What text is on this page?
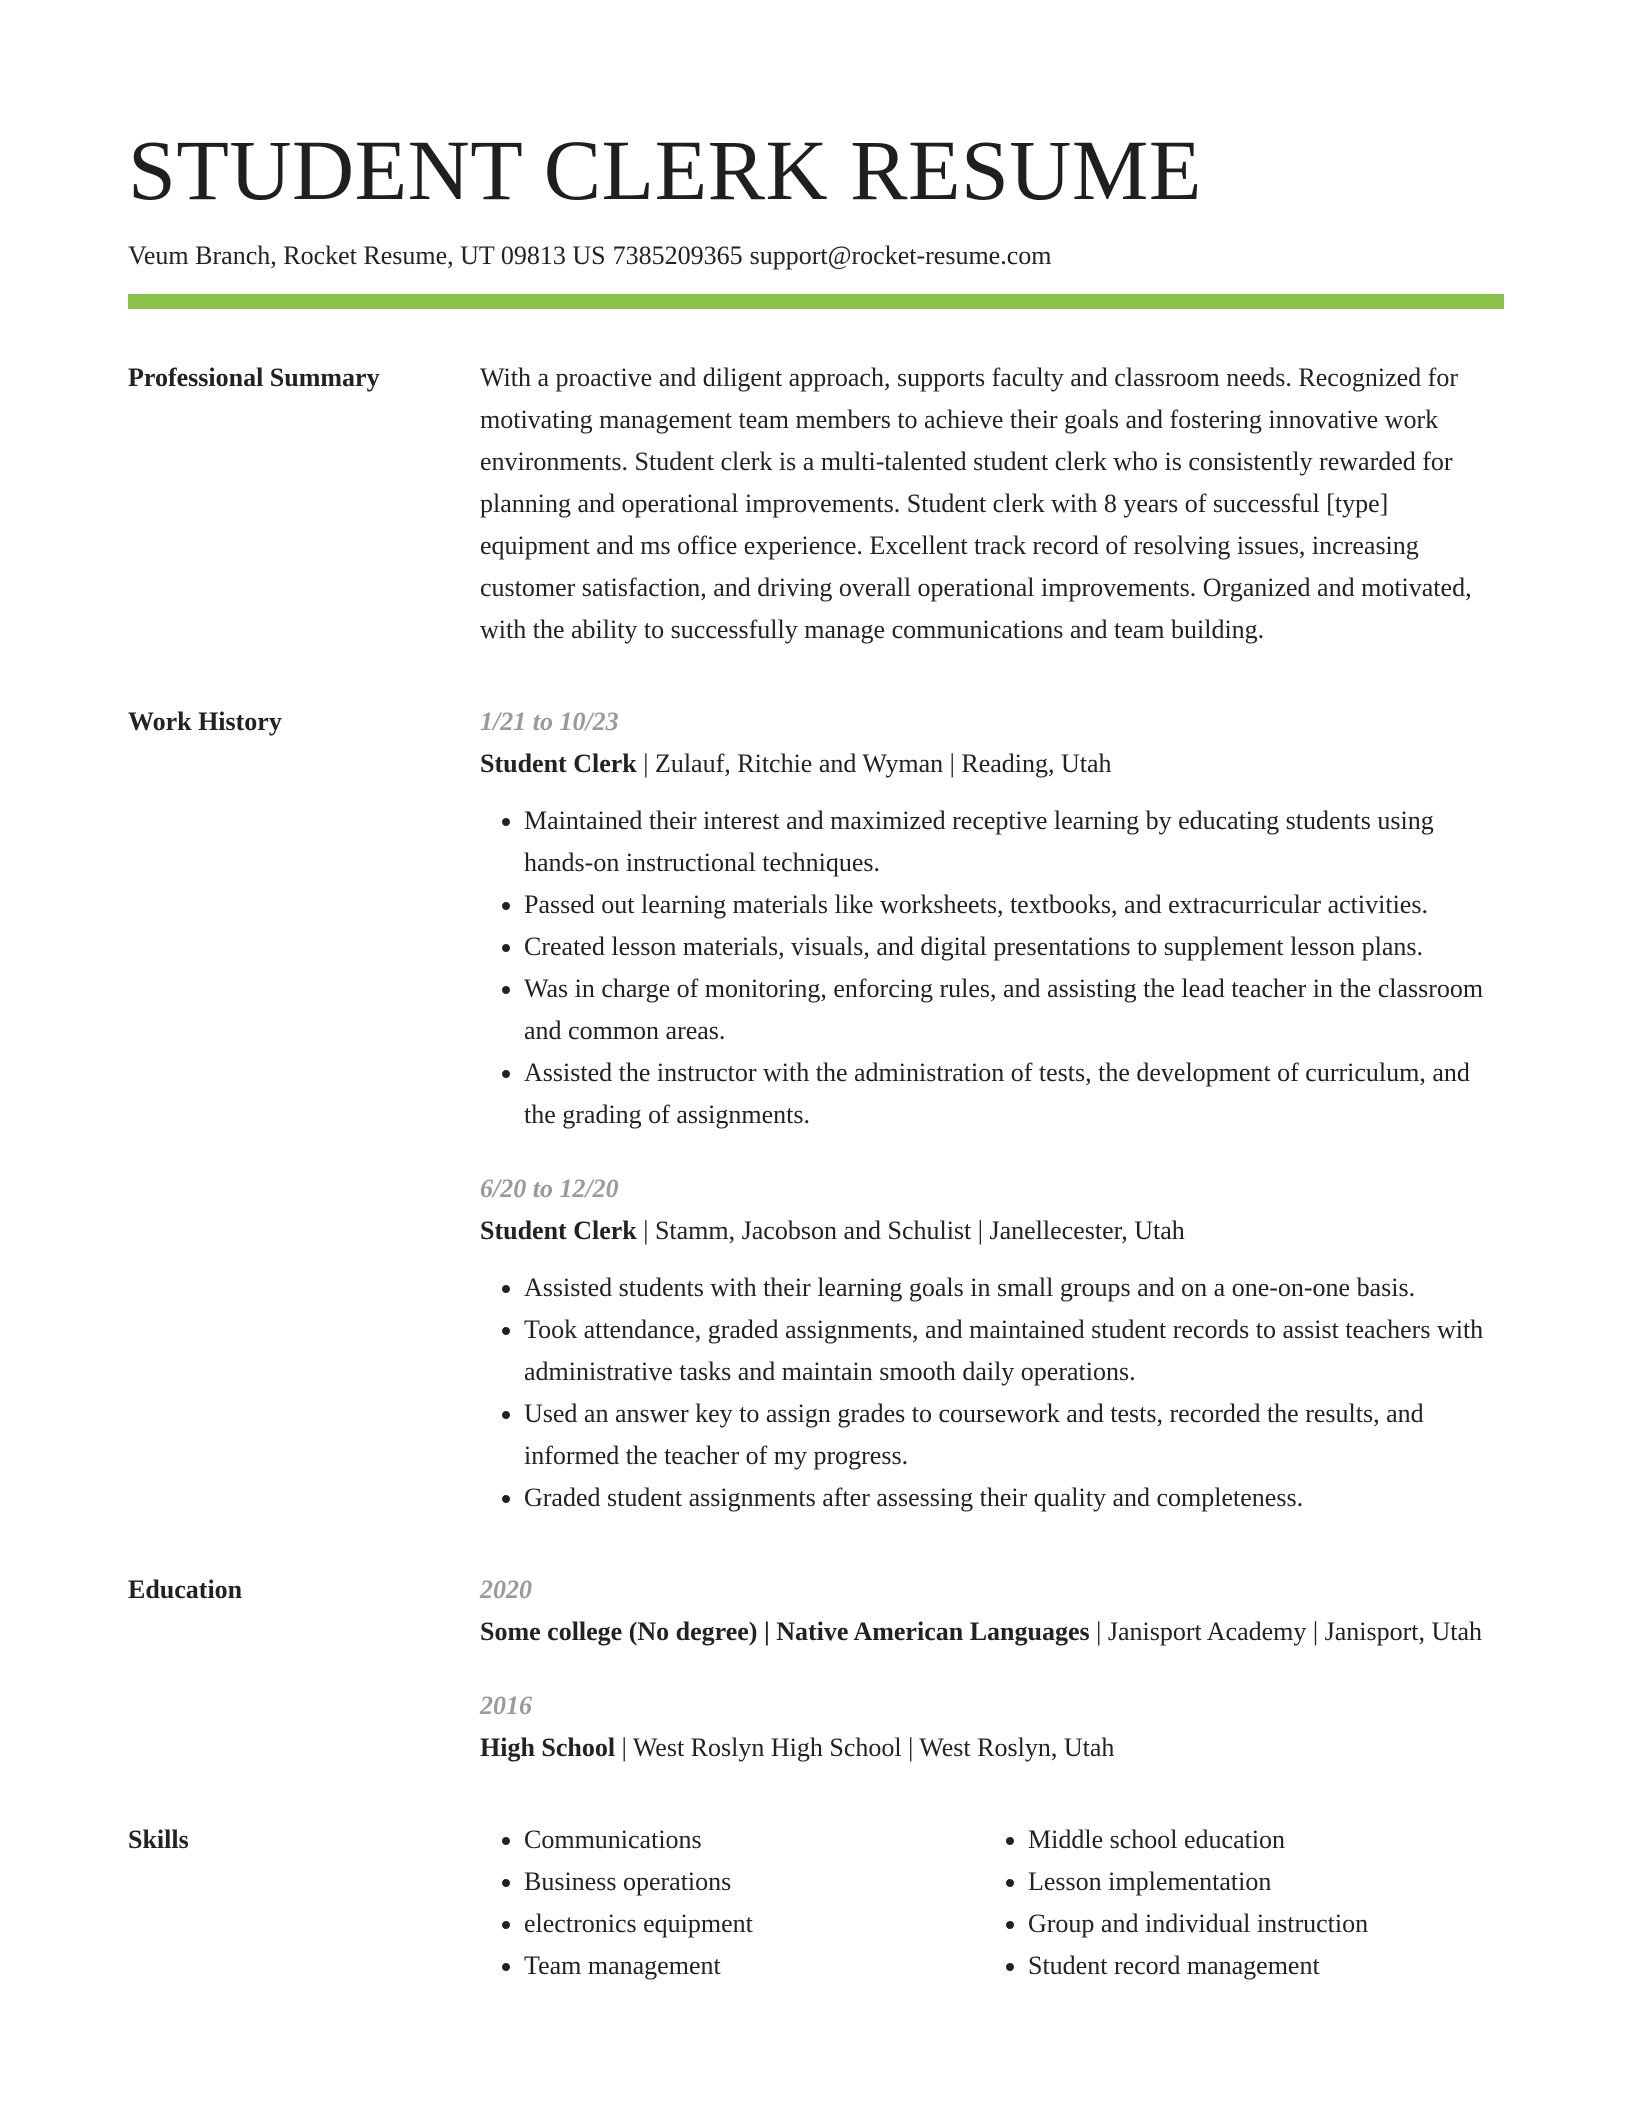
STUDENT CLERK RESUME
Veum Branch, Rocket Resume, UT 09813 US 7385209365 support@rocket-resume.com
Professional Summary	With a proactive and diligent approach, supports faculty and classroom needs. Recognized for motivating management team members to achieve their goals and fostering innovative work environments. Student clerk is a multi-talented student clerk who is consistently rewarded for planning and operational improvements. Student clerk with 8 years of successful [type] equipment and ms office experience. Excellent track record of resolving issues, increasing customer satisfaction, and driving overall operational improvements. Organized and motivated, with the ability to successfully manage communications and team building.

Work History	1/21 to 10/23
Student Clerk | Zulauf, Ritchie and Wyman | Reading, Utah
• Maintained their interest and maximized receptive learning by educating students using hands-on instructional techniques.
• Passed out learning materials like worksheets, textbooks, and extracurricular activities.
• Created lesson materials, visuals, and digital presentations to supplement lesson plans.
• Was in charge of monitoring, enforcing rules, and assisting the lead teacher in the classroom and common areas.
• Assisted the instructor with the administration of tests, the development of curriculum, and the grading of assignments.
6/20 to 12/20
Student Clerk | Stamm, Jacobson and Schulist | Janellecester, Utah
• Assisted students with their learning goals in small groups and on a one-on-one basis.
• Took attendance, graded assignments, and maintained student records to assist teachers with administrative tasks and maintain smooth daily operations.
• Used an answer key to assign grades to coursework and tests, recorded the results, and informed the teacher of my progress.
• Graded student assignments after assessing their quality and completeness.
Education	2020
Some college (No degree) | Native American Languages | Janisport Academy | Janisport, Utah
2016
High School | West Roslyn High School | West Roslyn, Utah
Skills
•	Communications
• Business operations
• electronics equipment
• Team management
• Middle school education
• Lesson implementation
• Group and individual instruction
• Student record management
